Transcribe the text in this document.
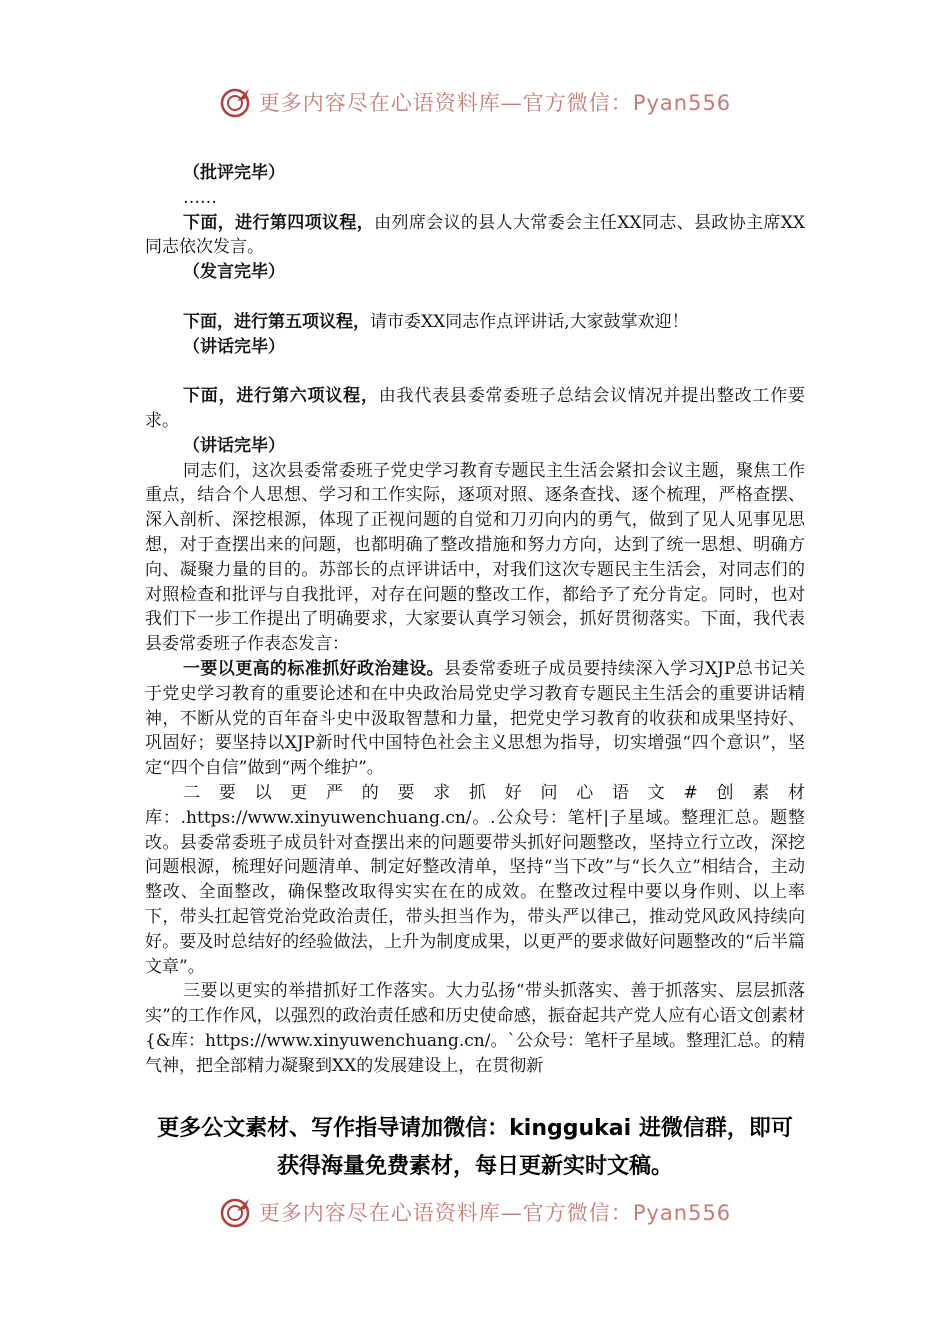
更多内容尽在心语资料库—官方微信：Pyan556

（批评完毕）

……

下面，进行第四项议程，由列席会议的县人大常委会主任XX同志、县政协主席XX同志依次发言。

（发言完毕）

下面，进行第五项议程，请市委XX同志作点评讲话,大家鼓掌欢迎！

（讲话完毕）

下面，进行第六项议程，由我代表县委常委班子总结会议情况并提出整改工作要求。

（讲话完毕）

同志们，这次县委常委班子党史学习教育专题民主生活会紧扣会议主题，聚焦工作重点，结合个人思想、学习和工作实际，逐项对照、逐条查找、逐个梳理，严格查摆、深入剖析、深挖根源，体现了正视问题的自觉和刀刃向内的勇气，做到了见人见事见思想，对于查摆出来的问题，也都明确了整改措施和努力方向，达到了统一思想、明确方向、凝聚力量的目的。苏部长的点评讲话中，对我们这次专题民主生活会，对同志们的对照检查和批评与自我批评，对存在问题的整改工作，都给予了充分肯定。同时，也对我们下一步工作提出了明确要求，大家要认真学习领会，抓好贯彻落实。下面，我代表县委常委班子作表态发言：

一要以更高的标准抓好政治建设。县委常委班子成员要持续深入学习XJP总书记关于党史学习教育的重要论述和在中央政治局党史学习教育专题民主生活会的重要讲话精神，不断从党的百年奋斗史中汲取智慧和力量，把党史学习教育的收获和成果坚持好、巩固好；要坚持以XJP新时代中国特色社会主义思想为指导，切实增强“四个意识”，坚定“四个自信”做到“两个维护”。

二要以更严的要求抓好问心语文#创素材库：.https://www.xinyuwenchuang.cn/。.公众号：笔杆|子星域。整理汇总。题整改。县委常委班子成员针对查摆出来的问题要带头抓好问题整改，坚持立行立改，深挖问题根源，梳理好问题清单、制定好整改清单，坚持“当下改”与“长久立”相结合，主动整改、全面整改，确保整改取得实实在在的成效。在整改过程中要以身作则、以上率下，带头扛起管党治党政治责任，带头担当作为，带头严以律己，推动党风政风持续向好。要及时总结好的经验做法，上升为制度成果，以更严的要求做好问题整改的“后半篇文章”。

三要以更实的举措抓好工作落实。大力弘扬“带头抓落实、善于抓落实、层层抓落实”的工作作风，以强烈的政治责任感和历史使命感，振奋起共产党人应有心语文创素材{&库：https://www.xinyuwenchuang.cn/。`公众号：笔杆子星域。整理汇总。的精气神，把全部精力凝聚到XX的发展建设上，在贯彻新

更多公文素材、写作指导请加微信：kinggukai 进微信群，即可
获得海量免费素材，每日更新实时文稿。
更多内容尽在心语资料库—官方微信：Pyan556
